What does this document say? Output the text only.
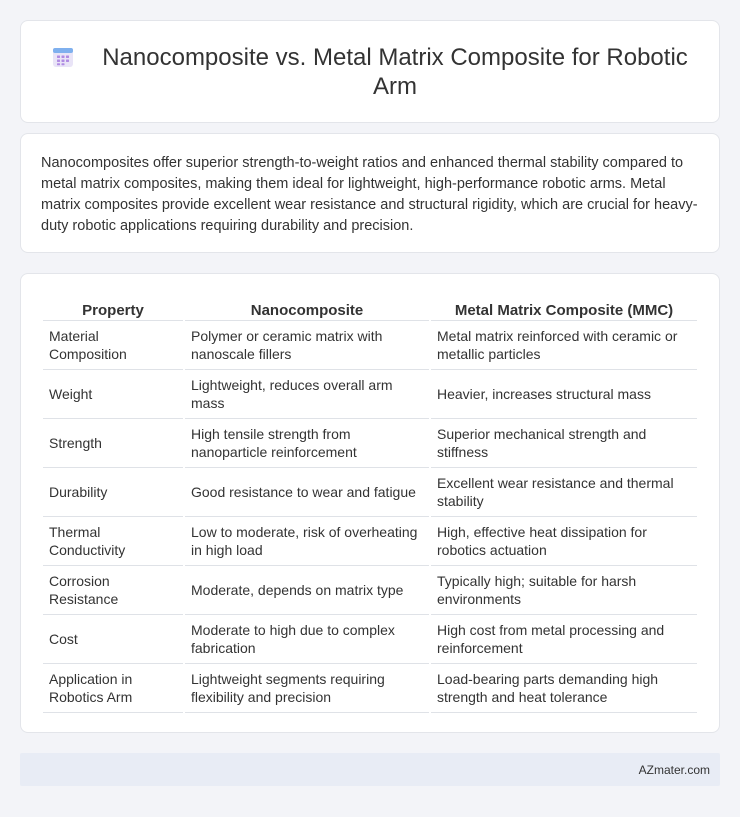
Nanocomposite vs. Metal Matrix Composite for Robotic Arm

Nanocomposites offer superior strength-to-weight ratios and enhanced thermal stability compared to metal matrix composites, making them ideal for lightweight, high-performance robotic arms. Metal matrix composites provide excellent wear resistance and structural rigidity, which are crucial for heavy-duty robotic applications requiring durability and precision.

Property	Nanocomposite	Metal Matrix Composite (MMC)
Material Composition	Polymer or ceramic matrix with nanoscale fillers	Metal matrix reinforced with ceramic or metallic particles
Weight	Lightweight, reduces overall arm mass	Heavier, increases structural mass
Strength	High tensile strength from nanoparticle reinforcement	Superior mechanical strength and stiffness
Durability	Good resistance to wear and fatigue	Excellent wear resistance and thermal stability
Thermal Conductivity	Low to moderate, risk of overheating in high load	High, effective heat dissipation for robotics actuation
Corrosion Resistance	Moderate, depends on matrix type	Typically high; suitable for harsh environments
Cost	Moderate to high due to complex fabrication	High cost from metal processing and reinforcement
Application in Robotics Arm	Lightweight segments requiring flexibility and precision	Load-bearing parts demanding high strength and heat tolerance
AZmater.com
